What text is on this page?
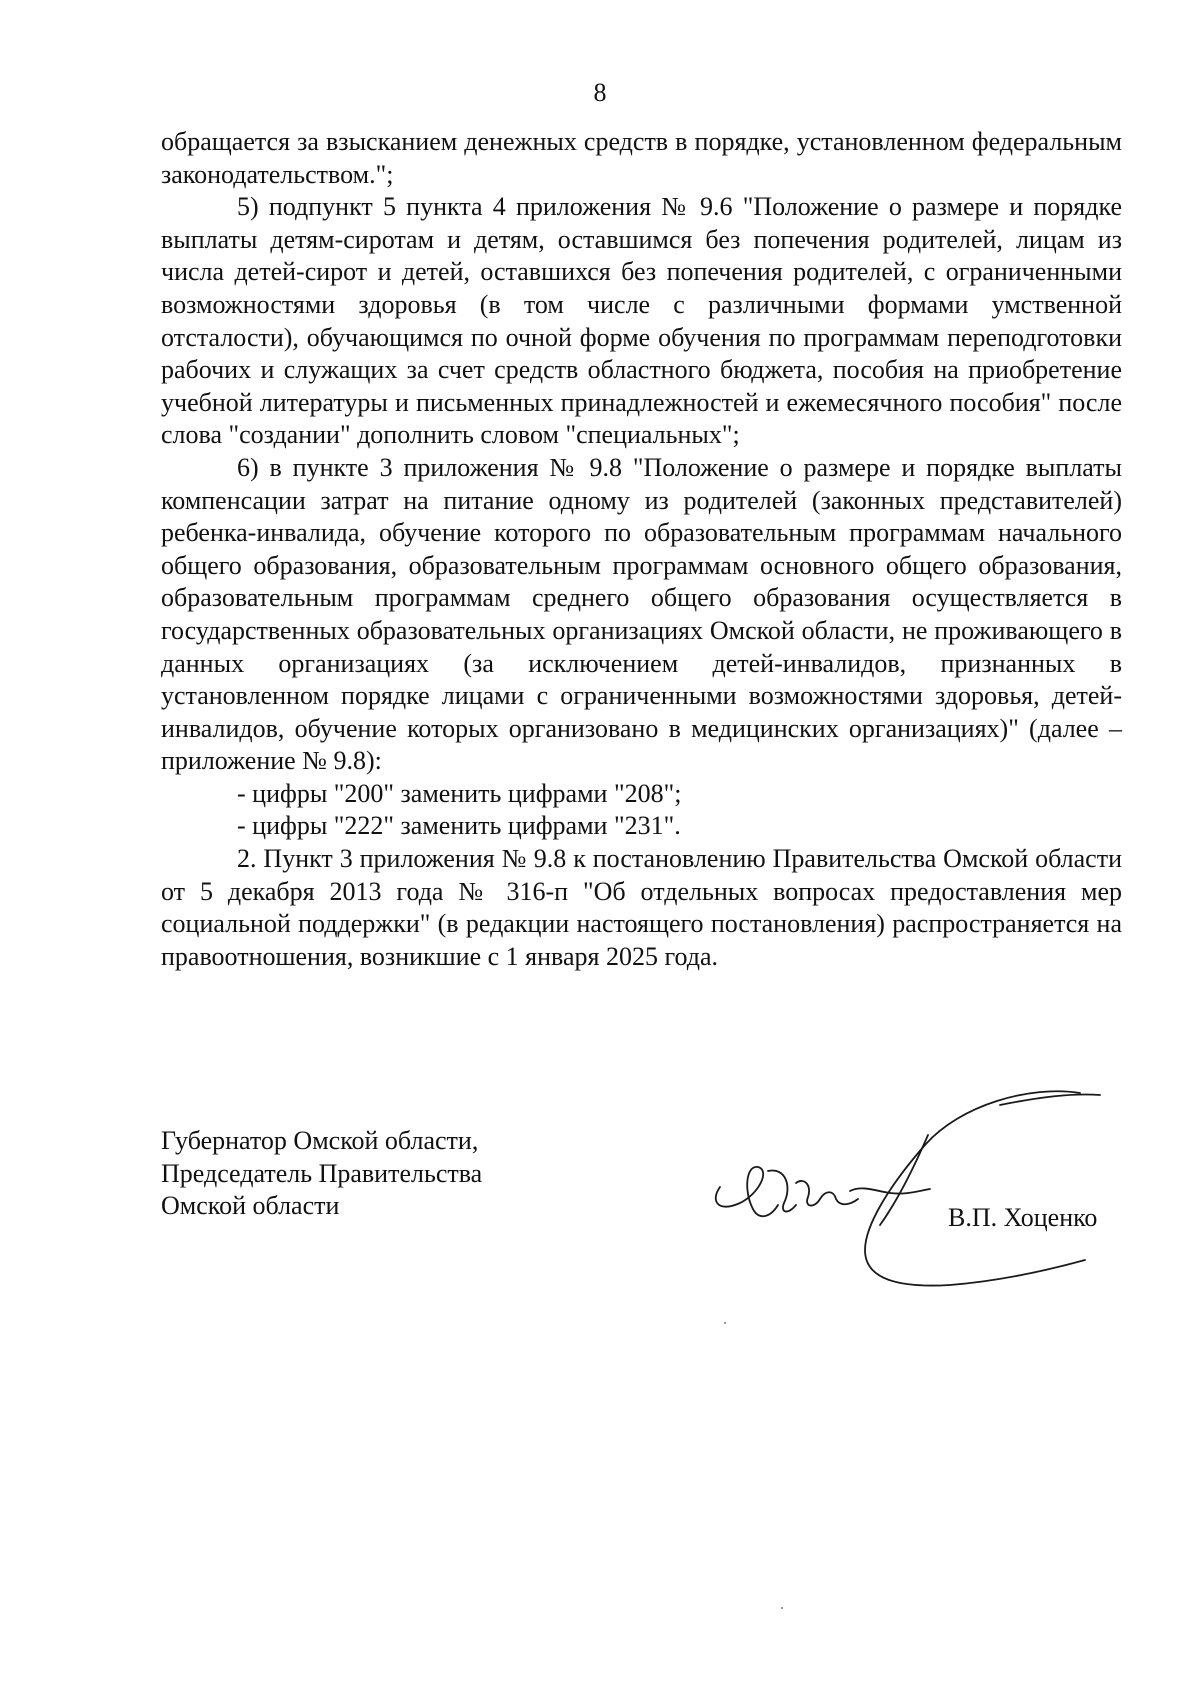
8

обращается за взысканием денежных средств в порядке, установленном федеральным законодательством.";

5) подпункт 5 пункта 4 приложения № 9.6 "Положение о размере и порядке выплаты детям-сиротам и детям, оставшимся без попечения родителей, лицам из числа детей-сирот и детей, оставшихся без попечения родителей, с ограниченными возможностями здоровья (в том числе с различными формами умственной отсталости), обучающимся по очной форме обучения по программам переподготовки рабочих и служащих за счет средств областного бюджета, пособия на приобретение учебной литературы и письменных принадлежностей и ежемесячного пособия" после слова "создании" дополнить словом "специальных";

6) в пункте 3 приложения № 9.8 "Положение о размере и порядке выплаты компенсации затрат на питание одному из родителей (законных представителей) ребенка-инвалида, обучение которого по образовательным программам начального общего образования, образовательным программам основного общего образования, образовательным программам среднего общего образования осуществляется в государственных образовательных организациях Омской области, не проживающего в данных организациях (за исключением детей-инвалидов, признанных в установленном порядке лицами с ограниченными возможностями здоровья, детей-инвалидов, обучение которых организовано в медицинских организациях)" (далее – приложение № 9.8):

- цифры "200" заменить цифрами "208";

- цифры "222" заменить цифрами "231".

2. Пункт 3 приложения № 9.8 к постановлению Правительства Омской области от 5 декабря 2013 года № 316-п "Об отдельных вопросах предоставления мер социальной поддержки" (в редакции настоящего постановления) распространяется на правоотношения, возникшие с 1 января 2025 года.

Губернатор Омской области,
Председатель Правительства
Омской области	В.П. Хоценко
